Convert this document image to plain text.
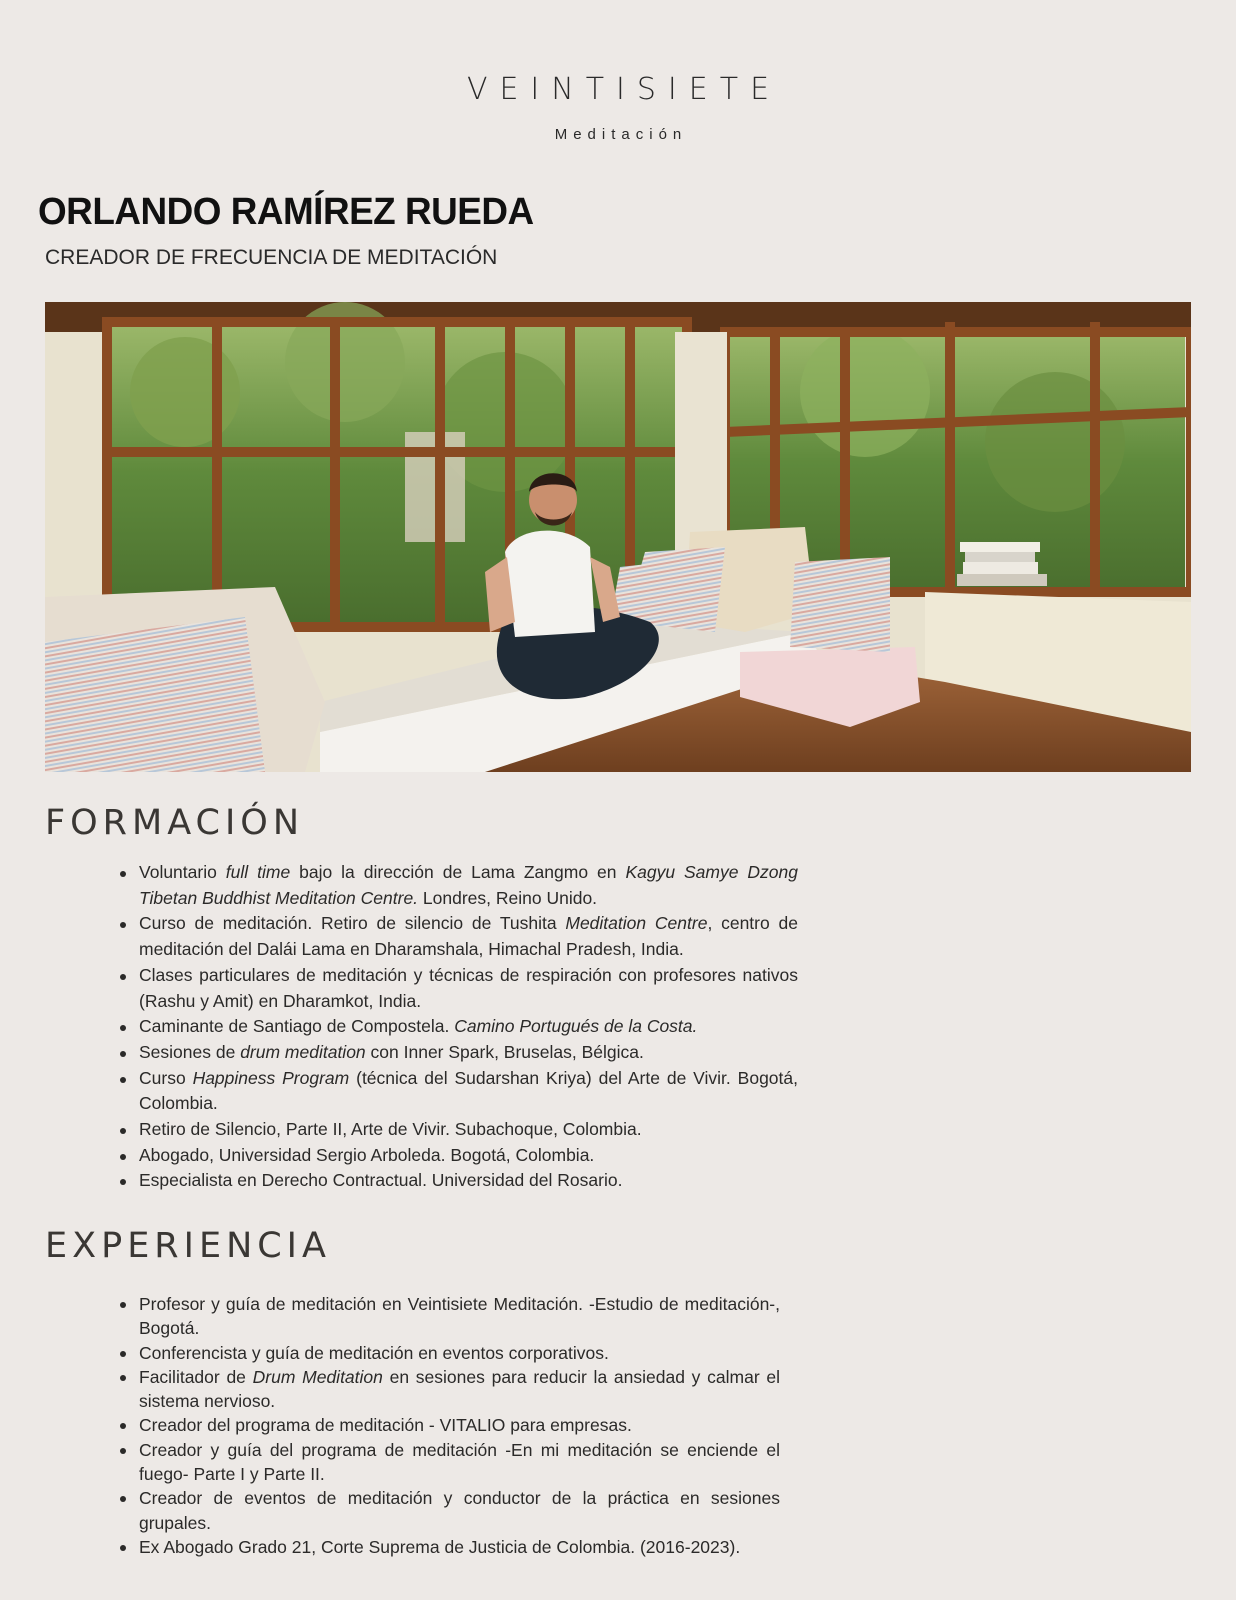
VEINTISIETE
Meditación
ORLANDO RAMÍREZ RUEDA
CREADOR DE FRECUENCIA DE MEDITACIÓN
FORMACIÓN
Voluntario full time bajo la dirección de Lama Zangmo en Kagyu Samye Dzong Tibetan Buddhist Meditation Centre. Londres, Reino Unido.
Curso de meditación. Retiro de silencio de Tushita Meditation Centre, centro de meditación del Dalái Lama en Dharamshala, Himachal Pradesh, India.
Clases particulares de meditación y técnicas de respiración con profesores nativos (Rashu y Amit) en Dharamkot, India.
Caminante de Santiago de Compostela. Camino Portugués de la Costa.
Sesiones de drum meditation con Inner Spark, Bruselas, Bélgica.
Curso Happiness Program (técnica del Sudarshan Kriya) del Arte de Vivir. Bogotá, Colombia.
Retiro de Silencio, Parte II, Arte de Vivir. Subachoque, Colombia.
Abogado, Universidad Sergio Arboleda. Bogotá, Colombia.
Especialista en Derecho Contractual. Universidad del Rosario.
EXPERIENCIA
Profesor y guía de meditación en Veintisiete Meditación. -Estudio de meditación-, Bogotá.
Conferencista y guía de meditación en eventos corporativos.
Facilitador de Drum Meditation en sesiones para reducir la ansiedad y calmar el sistema nervioso.
Creador del programa de meditación - VITALIO para empresas.
Creador y guía del programa de meditación -En mi meditación se enciende el fuego- Parte I y Parte II.
Creador de eventos de meditación y conductor de la práctica en sesiones grupales.
Ex Abogado Grado 21, Corte Suprema de Justicia de Colombia. (2016-2023).
